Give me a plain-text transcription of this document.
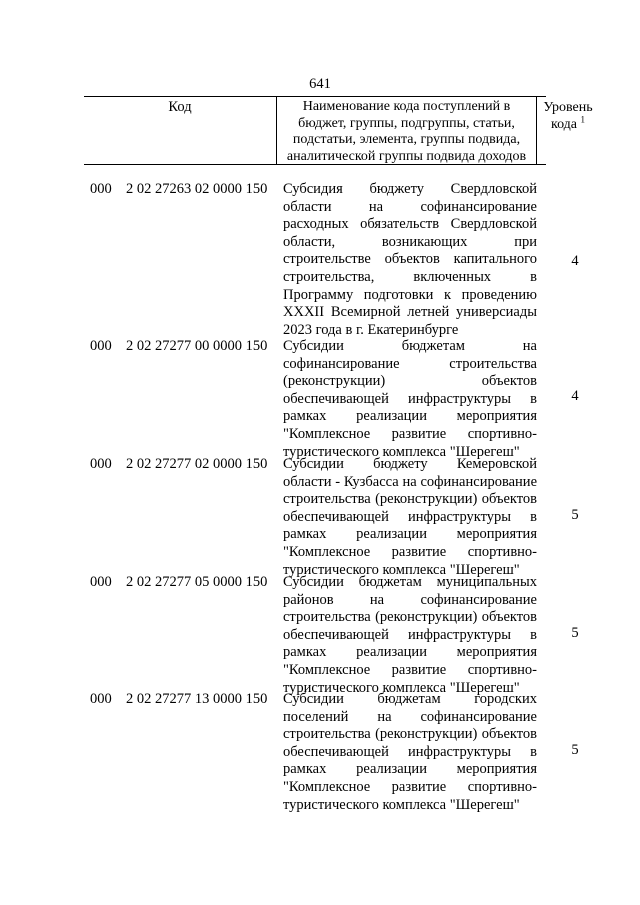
641
Код	Наименование кода поступлений в
бюджет, группы, подгруппы, статьи,
подстатьи, элемента, группы подвида,
аналитической группы подвида доходов
Уровень
кода $^1$
000 2 02 27263 02 0000 150 Субсидия бюджету Свердловской
области на софинансирование
расходных обязательств Свердловской
области, возникающих при
строительстве объектов капитального
строительства, включенных в
Программу подготовки к проведению
XXXII Всемирной летней универсиады
2023 года в г. Екатеринбурге
4
000 2 02 27277 00 0000 150 Субсидии бюджетам на
софинансирование строительства
(реконструкции) объектов
обеспечивающей инфраструктуры в
рамках реализации мероприятия
"Комплексное развитие спортивно-
туристического комплекса "Шерегеш"
4
000 2 02 27277 02 0000 150 Субсидии бюджету Кемеровской
области - Кузбасса на софинансирование
строительства (реконструкции) объектов
обеспечивающей инфраструктуры в
рамках реализации мероприятия
"Комплексное развитие спортивно-
туристического комплекса "Шерегеш"
5
000 2 02 27277 05 0000 150 Субсидии бюджетам муниципальных
районов на софинансирование
строительства (реконструкции) объектов
обеспечивающей инфраструктуры в
рамках реализации мероприятия
"Комплексное развитие спортивно-
туристического комплекса "Шерегеш"
5
000 2 02 27277 13 0000 150 Субсидии бюджетам городских
поселений на софинансирование
строительства (реконструкции) объектов
обеспечивающей инфраструктуры в
рамках реализации мероприятия
"Комплексное развитие спортивно-
туристического комплекса "Шерегеш"
5
